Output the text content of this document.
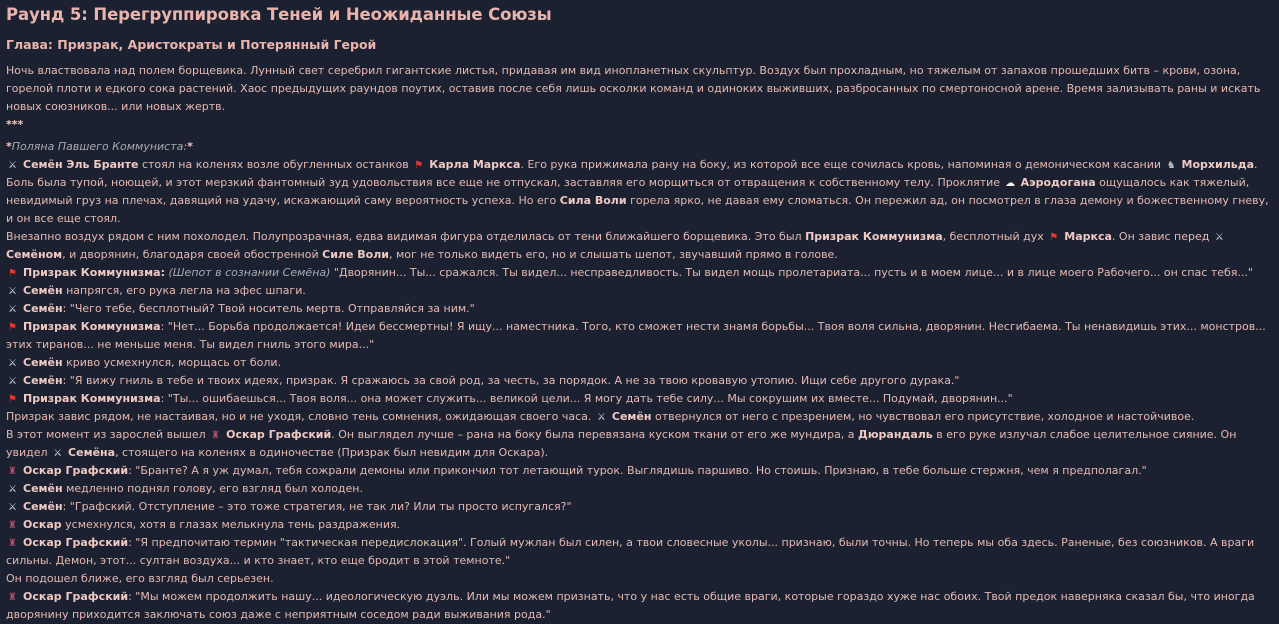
Раунд 5: Перегруппировка Теней и Неожиданные Союзы
Глава: Призрак, Аристократы и Потерянный Герой

Ночь властвовала над полем борщевика. Лунный свет серебрил гигантские листья, придавая им вид инопланетных скульптур. Воздух был прохладным, но тяжелым от запахов прошедших битв – крови, озона, горелой плоти и едкого сока растений. Хаос предыдущих раундов поутих, оставив после себя лишь осколки команд и одиноких выживших, разбросанных по смертоносной арене. Время зализывать раны и искать новых союзников... или новых жертв.

***

*Поляна Павшего Коммуниста:*

⚔ Семён Эль Бранте стоял на коленях возле обугленных останков ⚑ Карла Маркса. Его рука прижимала рану на боку, из которой все еще сочилась кровь, напоминая о демоническом касании ♞ Морхильда. Боль была тупой, ноющей, и этот мерзкий фантомный зуд удовольствия все еще не отпускал, заставляя его морщиться от отвращения к собственному телу. Проклятие ☁ Аэродогана ощущалось как тяжелый, невидимый груз на плечах, давящий на удачу, искажающий саму вероятность успеха. Но его Сила Воли горела ярко, не давая ему сломаться. Он пережил ад, он посмотрел в глаза демону и божественному гневу, и он все еще стоял.

Внезапно воздух рядом с ним похолодел. Полупрозрачная, едва видимая фигура отделилась от тени ближайшего борщевика. Это был Призрак Коммунизма, бесплотный дух ⚑ Маркса. Он завис перед ⚔Семёном, и дворянин, благодаря своей обостренной Силе Воли, мог не только видеть его, но и слышать шепот, звучавший прямо в голове.

⚑ Призрак Коммунизма: (Шепот в сознании Семёна) "Дворянин... Ты... сражался. Ты видел... несправедливость. Ты видел мощь пролетариата... пусть и в моем лице... и в лице моего Рабочего... он спас тебя..."

⚔ Семён напрягся, его рука легла на эфес шпаги.

⚔ Семён: "Чего тебе, бесплотный? Твой носитель мертв. Отправляйся за ним."

⚑ Призрак Коммунизма: "Нет... Борьба продолжается! Идеи бессмертны! Я ищу... наместника. Того, кто сможет нести знамя борьбы... Твоя воля сильна, дворянин. Несгибаема. Ты ненавидишь этих... монстров... этих тиранов... не меньше меня. Ты видел гниль этого мира..."

⚔ Семён криво усмехнулся, морщась от боли.

⚔ Семён: "Я вижу гниль в тебе и твоих идеях, призрак. Я сражаюсь за свой род, за честь, за порядок. А не за твою кровавую утопию. Ищи себе другого дурака."

⚑ Призрак Коммунизма: "Ты... ошибаешься... Твоя воля... она может служить... великой цели... Я могу дать тебе силу... Мы сокрушим их вместе... Подумай, дворянин..."

Призрак завис рядом, не настаивая, но и не уходя, словно тень сомнения, ожидающая своего часа. ⚔ Семён отвернулся от него с презрением, но чувствовал его присутствие, холодное и настойчивое.

В этот момент из зарослей вышел ♜ Оскар Графский. Он выглядел лучше – рана на боку была перевязана куском ткани от его же мундира, а Дюрандаль в его руке излучал слабое целительное сияние. Он увидел ⚔ Семёна, стоящего на коленях в одиночестве (Призрак был невидим для Оскара).

♜ Оскар Графский: "Бранте? А я уж думал, тебя сожрали демоны или прикончил тот летающий турок. Выглядишь паршиво. Но стоишь. Признаю, в тебе больше стержня, чем я предполагал."

⚔ Семён медленно поднял голову, его взгляд был холоден.

⚔ Семён: "Графский. Отступление – это тоже стратегия, не так ли? Или ты просто испугался?"

♜ Оскар усмехнулся, хотя в глазах мелькнула тень раздражения.

♜ Оскар Графский: "Я предпочитаю термин "тактическая передислокация". Голый мужлан был силен, а твои словесные уколы... признаю, были точны. Но теперь мы оба здесь. Раненые, без союзников. А враги сильны. Демон, этот... султан воздуха... и кто знает, кто еще бродит в этой темноте."

Он подошел ближе, его взгляд был серьезен.

♜ Оскар Графский: "Мы можем продолжить нашу... идеологическую дуэль. Или мы можем признать, что у нас есть общие враги, которые гораздо хуже нас обоих. Твой предок наверняка сказал бы, что иногда дворянину приходится заключать союз даже с неприятным соседом ради выживания рода."
